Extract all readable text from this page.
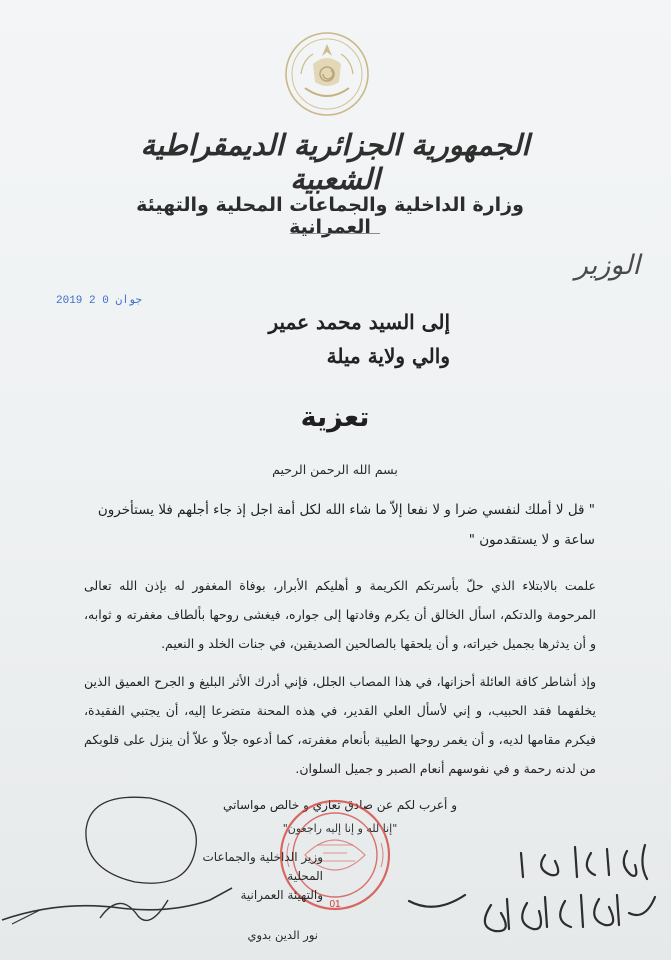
الجمهورية الجزائرية الديمقراطية الشعبية
وزارة الداخلية والجماعات المحلية والتهيئة العمرانية
الوزير
2019 جوان 0 2
إلى السيد محمد عمير
والي ولاية ميلة
تعزية
بسم الله الرحمن الرحيم
" قل لا أملك لنفسي ضرا و لا نفعا إلاّ ما شاء الله لكل أمة اجل إذ جاء أجلهم فلا يستأخرون ساعة و لا يستقدمون "
علمت بالابتلاء الذي حلّ بأسرتكم الكريمة و أهليكم الأبرار، بوفاة المغفور له بإذن الله تعالى المرحومة والدتكم، اسأل الخالق أن يكرم وفادتها إلى جواره، فيغشى روحها بألطاف مغفرته و ثوابه، و أن يدثرها بجميل خيراته، و أن يلحقها بالصالحين الصديقين، في جنات الخلد و النعيم.
وإذ أشاطر كافة العائلة أحزانها، في هذا المصاب الجلل، فإني أدرك الأثر البليغ و الجرح العميق الذين يخلفهما فقد الحبيب، و إني لأسأل العلي القدير، في هذه المحنة متضرعا إليه، أن يجتبي الفقيدة، فيكرم مقامها لديه، و أن يغمر روحها الطيبة بأنعام مغفرته، كما أدعوه جلاّ و علاّ أن ينزل على قلوبكم من لدنه رحمة و في نفوسهم أنعام الصبر و جميل السلوان.
و أعرب لكم عن صادق تعازي و خالص مواساتي
"إنا لله و إنا إليه راجعون"
01
وزير الداخلية والجماعات المحلية
والتهيئة العمرانية
نور الدين بدوي
